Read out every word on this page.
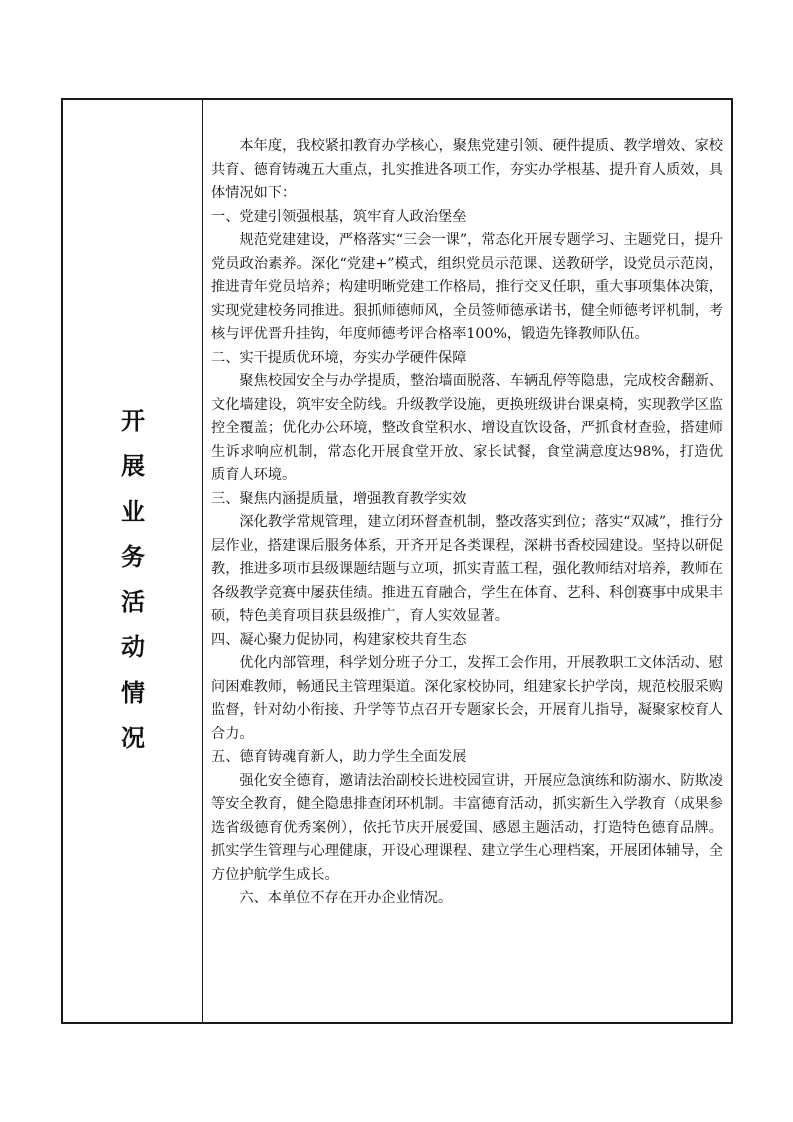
开展业务活动情况

本年度，我校紧扣教育办学核心，聚焦党建引领、硬件提质、教学增效、家校共育、德育铸魂五大重点，扎实推进各项工作，夯实办学根基、提升育人质效，具体情况如下：

一、党建引领强根基，筑牢育人政治堡垒

规范党建建设，严格落实“三会一课”，常态化开展专题学习、主题党日，提升党员政治素养。深化“党建+”模式，组织党员示范课、送教研学，设党员示范岗，推进青年党员培养；构建明晰党建工作格局，推行交叉任职，重大事项集体决策，实现党建校务同推进。狠抓师德师风，全员签师德承诺书，健全师德考评机制，考核与评优晋升挂钩，年度师德考评合格率100%，锻造先锋教师队伍。

二、实干提质优环境，夯实办学硬件保障

聚焦校园安全与办学提质，整治墙面脱落、车辆乱停等隐患，完成校舍翻新、文化墙建设，筑牢安全防线。升级教学设施，更换班级讲台课桌椅，实现教学区监控全覆盖；优化办公环境，整改食堂积水、增设直饮设备，严抓食材查验，搭建师生诉求响应机制，常态化开展食堂开放、家长试餐，食堂满意度达98%，打造优质育人环境。

三、聚焦内涵提质量，增强教育教学实效

深化教学常规管理，建立闭环督查机制，整改落实到位；落实“双减”，推行分层作业，搭建课后服务体系，开齐开足各类课程，深耕书香校园建设。坚持以研促教，推进多项市县级课题结题与立项，抓实青蓝工程，强化教师结对培养，教师在各级教学竞赛中屡获佳绩。推进五育融合，学生在体育、艺科、科创赛事中成果丰硕，特色美育项目获县级推广，育人实效显著。

四、凝心聚力促协同，构建家校共育生态

优化内部管理，科学划分班子分工，发挥工会作用，开展教职工文体活动、慰问困难教师，畅通民主管理渠道。深化家校协同，组建家长护学岗，规范校服采购监督，针对幼小衔接、升学等节点召开专题家长会，开展育儿指导，凝聚家校育人合力。

五、德育铸魂育新人，助力学生全面发展

强化安全德育，邀请法治副校长进校园宣讲，开展应急演练和防溺水、防欺凌等安全教育，健全隐患排查闭环机制。丰富德育活动，抓实新生入学教育（成果参选省级德育优秀案例），依托节庆开展爱国、感恩主题活动，打造特色德育品牌。抓实学生管理与心理健康，开设心理课程、建立学生心理档案，开展团体辅导，全方位护航学生成长。

六、本单位不存在开办企业情况。
